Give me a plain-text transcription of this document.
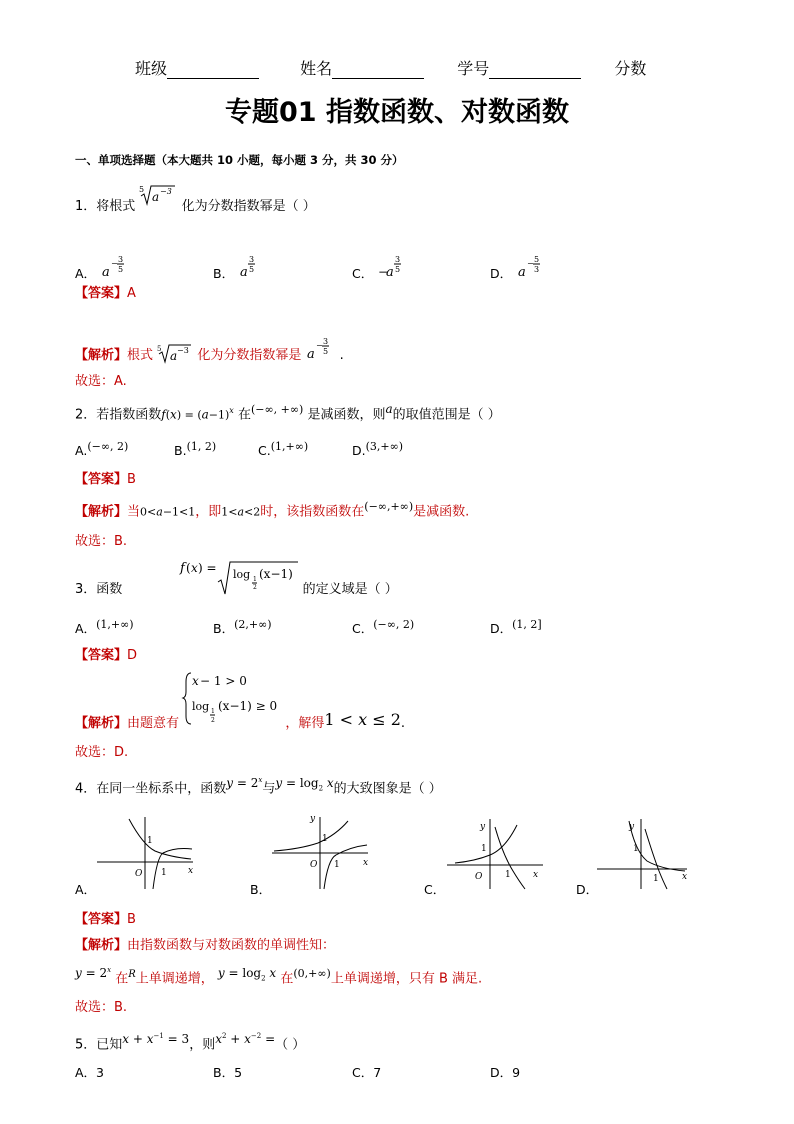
班级	姓名	学号	分数
专题01 指数函数、对数函数
一、单项选择题（本大题共 10 小题，每小题 3 分，共 30 分）
1．将根式
5
a −3
化为分数指数幂是（ ）
A． a
− 3
5	B． a
3
5	C． −
a
3
5	D． a
− 5
3
【答案】A
【解析】根式 5 a −3 化为分数指数幂是 a
− 3
5 .
故选：A.
2．若指数函数$f(x) = (a-1)^x$ 在(−∞, +∞) 是减函数，则$^a$的取值范围是（ ）
A.$^{(-\infty, 2)}$	B.$^{(1, 2)}$	C.$^{(1,+\infty)}$	D.$^{(3,+\infty)}$
【答案】B
【解析】当0<a−1<1，即1<a<2时，该指数函数在(−∞,+∞)是减函数.
故选：B.
3．函数
f ( x ) = log 1
2
(x−1)
的定义域是（ ）
A．$^{(1,+\infty)}$	B．$^{(2,+\infty)}$	C．$^{(-\infty, 2)}$	D．$^{(1, 2]}$
【答案】D
【解析】由题意有
x − 1 > 0
log 1
2
(x−1) ≥ 0
，解得1 < x ≤ 2.
故选：D.
4．在同一坐标系中，函数$^{y = 2^x}$与$^{y = log_2 x}$的大致图象是（ ）
O	x
1
1
A．
y
O	x
1
1
B．
y
O	x
1
1
C．
y
1
1	x
D．
【答案】B
【解析】由指数函数与对数函数的单调性知：
$^{y = 2^x}$ 在$^R$上单调递增， $^{y = log_2 x}$ 在$^{(0,+\infty)}$上单调递增，只有 B 满足.
故选：B.
5．已知$^{x + x^{-1} = 3}$，则$^{x^2 + x^{-2} =}$（ ）
A．3	B．5	C．7	D．9
